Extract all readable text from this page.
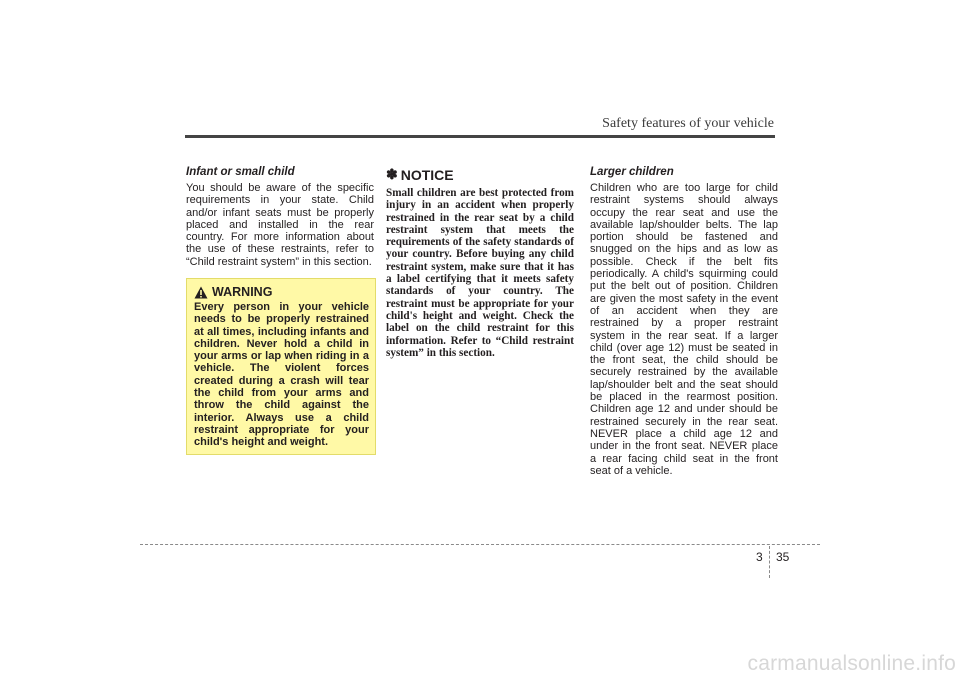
Safety features of your vehicle

Infant or small child

You should be aware of the specific requirements in your state. Child and/or infant seats must be properly placed and installed in the rear country. For more information about the use of these restraints, refer to “Child restraint system” in this section.

WARNING

Every person in your vehicle needs to be properly restrained at all times, including infants and children. Never hold a child in your arms or lap when riding in a vehicle. The violent forces created during a crash will tear the child from your arms and throw the child against the interior. Always use a child restraint appropriate for your child's height and weight.

✽ NOTICE

Small children are best protected from injury in an accident when properly restrained in the rear seat by a child restraint system that meets the requirements of the safety standards of your country. Before buying any child restraint system, make sure that it has a label certifying that it meets safety standards of your country. The restraint must be appropriate for your child's height and weight. Check the label on the child restraint for this information. Refer to “Child restraint system” in this section.

Larger children

Children who are too large for child restraint systems should always occupy the rear seat and use the available lap/shoulder belts. The lap portion should be fastened and snugged on the hips and as low as possible. Check if the belt fits periodically. A child's squirming could put the belt out of position. Children are given the most safety in the event of an accident when they are restrained by a proper restraint system in the rear seat. If a larger child (over age 12) must be seated in the front seat, the child should be securely restrained by the available lap/shoulder belt and the seat should be placed in the rearmost position. Children age 12 and under should be restrained securely in the rear seat. NEVER place a child age 12 and under in the front seat. NEVER place a rear facing child seat in the front seat of a vehicle.

3 35
carmanualsonline.info
